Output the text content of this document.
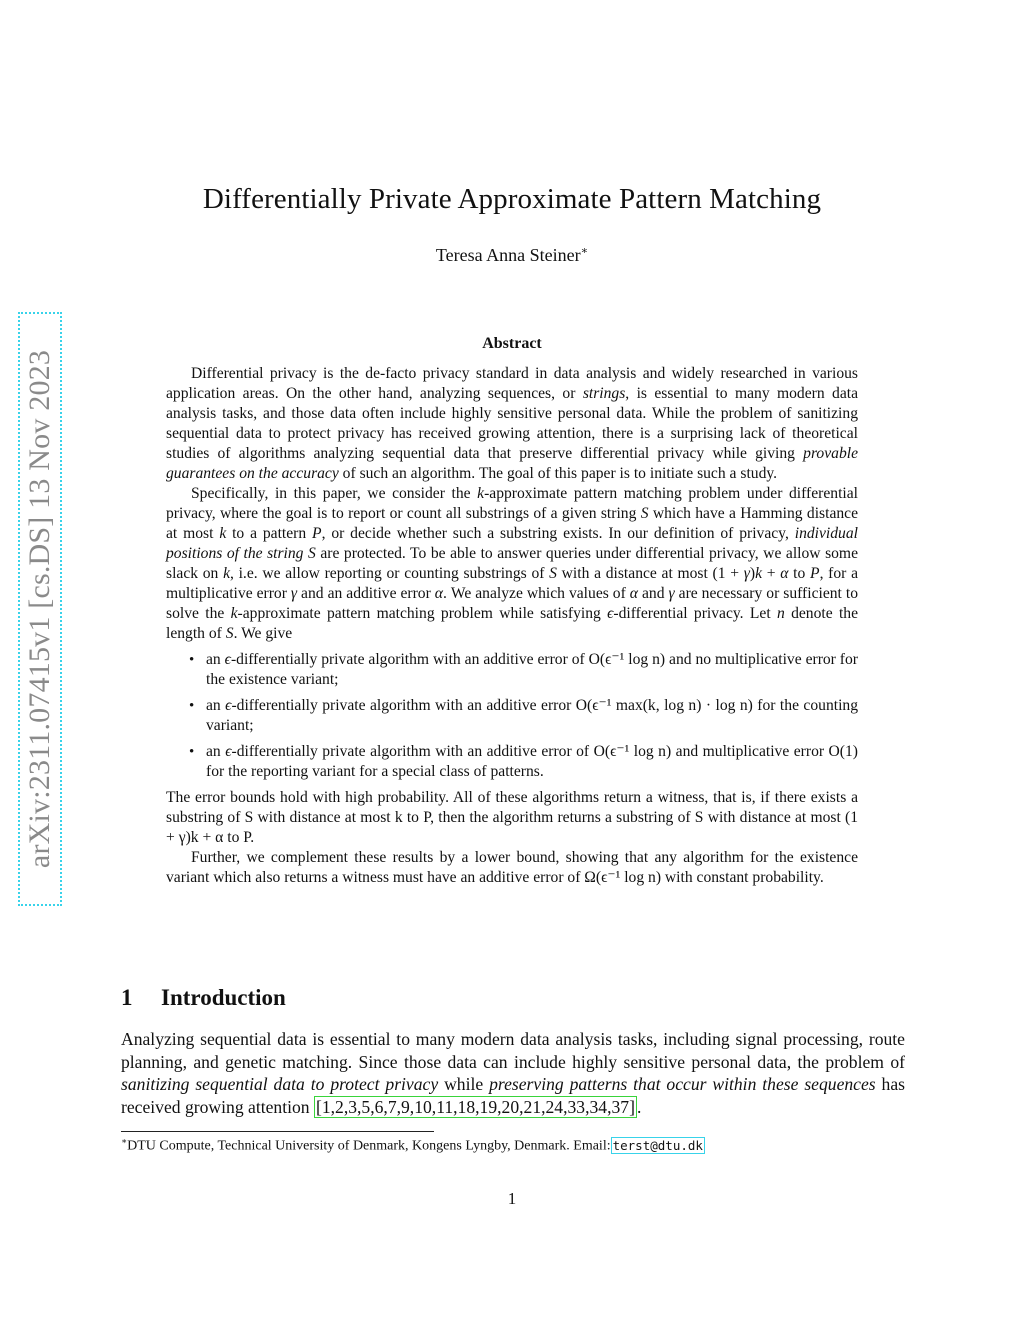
arXiv:2311.07415v1 [cs.DS] 13 Nov 2023
Differentially Private Approximate Pattern Matching
Teresa Anna Steiner∗
Abstract

Differential privacy is the de-facto privacy standard in data analysis and widely researched in various application areas. On the other hand, analyzing sequences, or strings, is essential to many modern data analysis tasks, and those data often include highly sensitive personal data. While the problem of sanitizing sequential data to protect privacy has received growing attention, there is a surprising lack of theoretical studies of algorithms analyzing sequential data that preserve differential privacy while giving provable guarantees on the accuracy of such an algorithm. The goal of this paper is to initiate such a study.

Specifically, in this paper, we consider the k-approximate pattern matching problem under differential privacy, where the goal is to report or count all substrings of a given string S which have a Hamming distance at most k to a pattern P, or decide whether such a substring exists. In our definition of privacy, individual positions of the string S are protected. To be able to answer queries under differential privacy, we allow some slack on k, i.e. we allow reporting or counting substrings of S with a distance at most (1 + γ)k + α to P, for a multiplicative error γ and an additive error α. We analyze which values of α and γ are necessary or sufficient to solve the k-approximate pattern matching problem while satisfying ϵ-differential privacy. Let n denote the length of S. We give

• an ϵ-differentially private algorithm with an additive error of O(ϵ⁻¹ log n) and no multiplicative error for the existence variant;
• an ϵ-differentially private algorithm with an additive error O(ϵ⁻¹ max(k, log n) · log n) for the counting variant;
• an ϵ-differentially private algorithm with an additive error of O(ϵ⁻¹ log n) and multiplicative error O(1) for the reporting variant for a special class of patterns.

The error bounds hold with high probability. All of these algorithms return a witness, that is, if there exists a substring of S with distance at most k to P, then the algorithm returns a substring of S with distance at most (1 + γ)k + α to P.

Further, we complement these results by a lower bound, showing that any algorithm for the existence variant which also returns a witness must have an additive error of Ω(ϵ⁻¹ log n) with constant probability.

1 Introduction

Analyzing sequential data is essential to many modern data analysis tasks, including signal processing, route planning, and genetic matching. Since those data can include highly sensitive personal data, the problem of sanitizing sequential data to protect privacy while preserving patterns that occur within these sequences has received growing attention [1,2,3,5,6,7,9,10,11,18,19,20,21,24,33,34,37] .

∗DTU Compute, Technical University of Denmark, Kongens Lyngby, Denmark. Email: terst@dtu.dk
1
